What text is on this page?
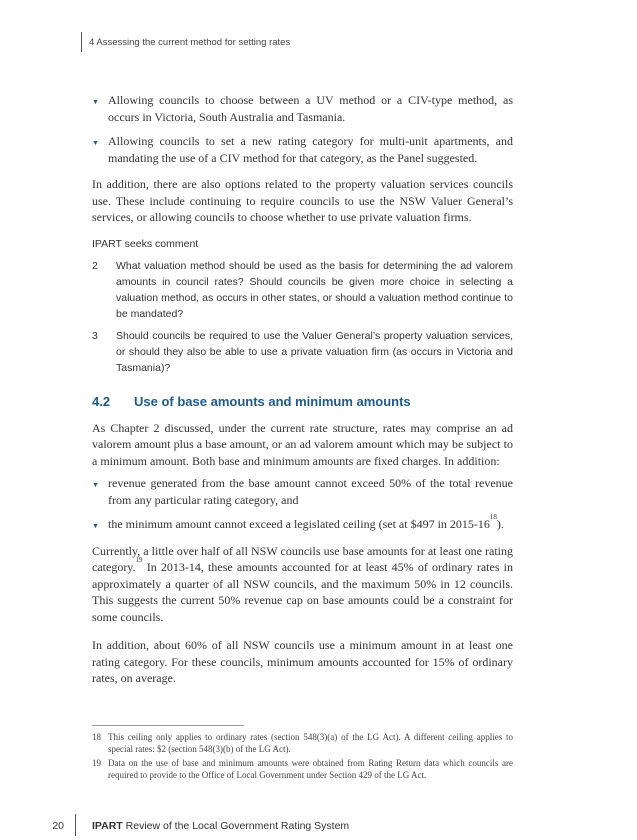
4 Assessing the current method for setting rates
▼ Allowing councils to choose between a UV method or a CIV-type method, as occurs in Victoria, South Australia and Tasmania.
▼ Allowing councils to set a new rating category for multi-unit apartments, and mandating the use of a CIV method for that category, as the Panel suggested.

In addition, there are also options related to the property valuation services councils use. These include continuing to require councils to use the NSW Valuer General’s services, or allowing councils to choose whether to use private valuation firms.

IPART seeks comment
2 What valuation method should be used as the basis for determining the ad valorem amounts in council rates? Should councils be given more choice in selecting a valuation method, as occurs in other states, or should a valuation method continue to be mandated?
3 Should councils be required to use the Valuer General’s property valuation services, or should they also be able to use a private valuation firm (as occurs in Victoria and Tasmania)?
4.2 Use of base amounts and minimum amounts

As Chapter 2 discussed, under the current rate structure, rates may comprise an ad valorem amount plus a base amount, or an ad valorem amount which may be subject to a minimum amount. Both base and minimum amounts are fixed charges. In addition:

▼ revenue generated from the base amount cannot exceed 50% of the total revenue from any particular rating category, and
▼ the minimum amount cannot exceed a legislated ceiling (set at $497 in $2015-16^{18}$).

Currently, a little over half of all NSW councils use base amounts for at least one rating category.$^{19}$ In 2013-14, these amounts accounted for at least 45% of ordinary rates in approximately a quarter of all NSW councils, and the maximum 50% in 12 councils. This suggests the current 50% revenue cap on base amounts could be a constraint for some councils.

In addition, about 60% of all NSW councils use a minimum amount in at least one rating category. For these councils, minimum amounts accounted for 15% of ordinary rates, on average.

18 This ceiling only applies to ordinary rates (section 548(3)(a) of the LG Act). A different ceiling applies to special rates: $2 (section 548(3)(b) of the LG Act).
19 Data on the use of base and minimum amounts were obtained from Rating Return data which councils are required to provide to the Office of Local Government under Section 429 of the LG Act.
20	IPART Review of the Local Government Rating System
